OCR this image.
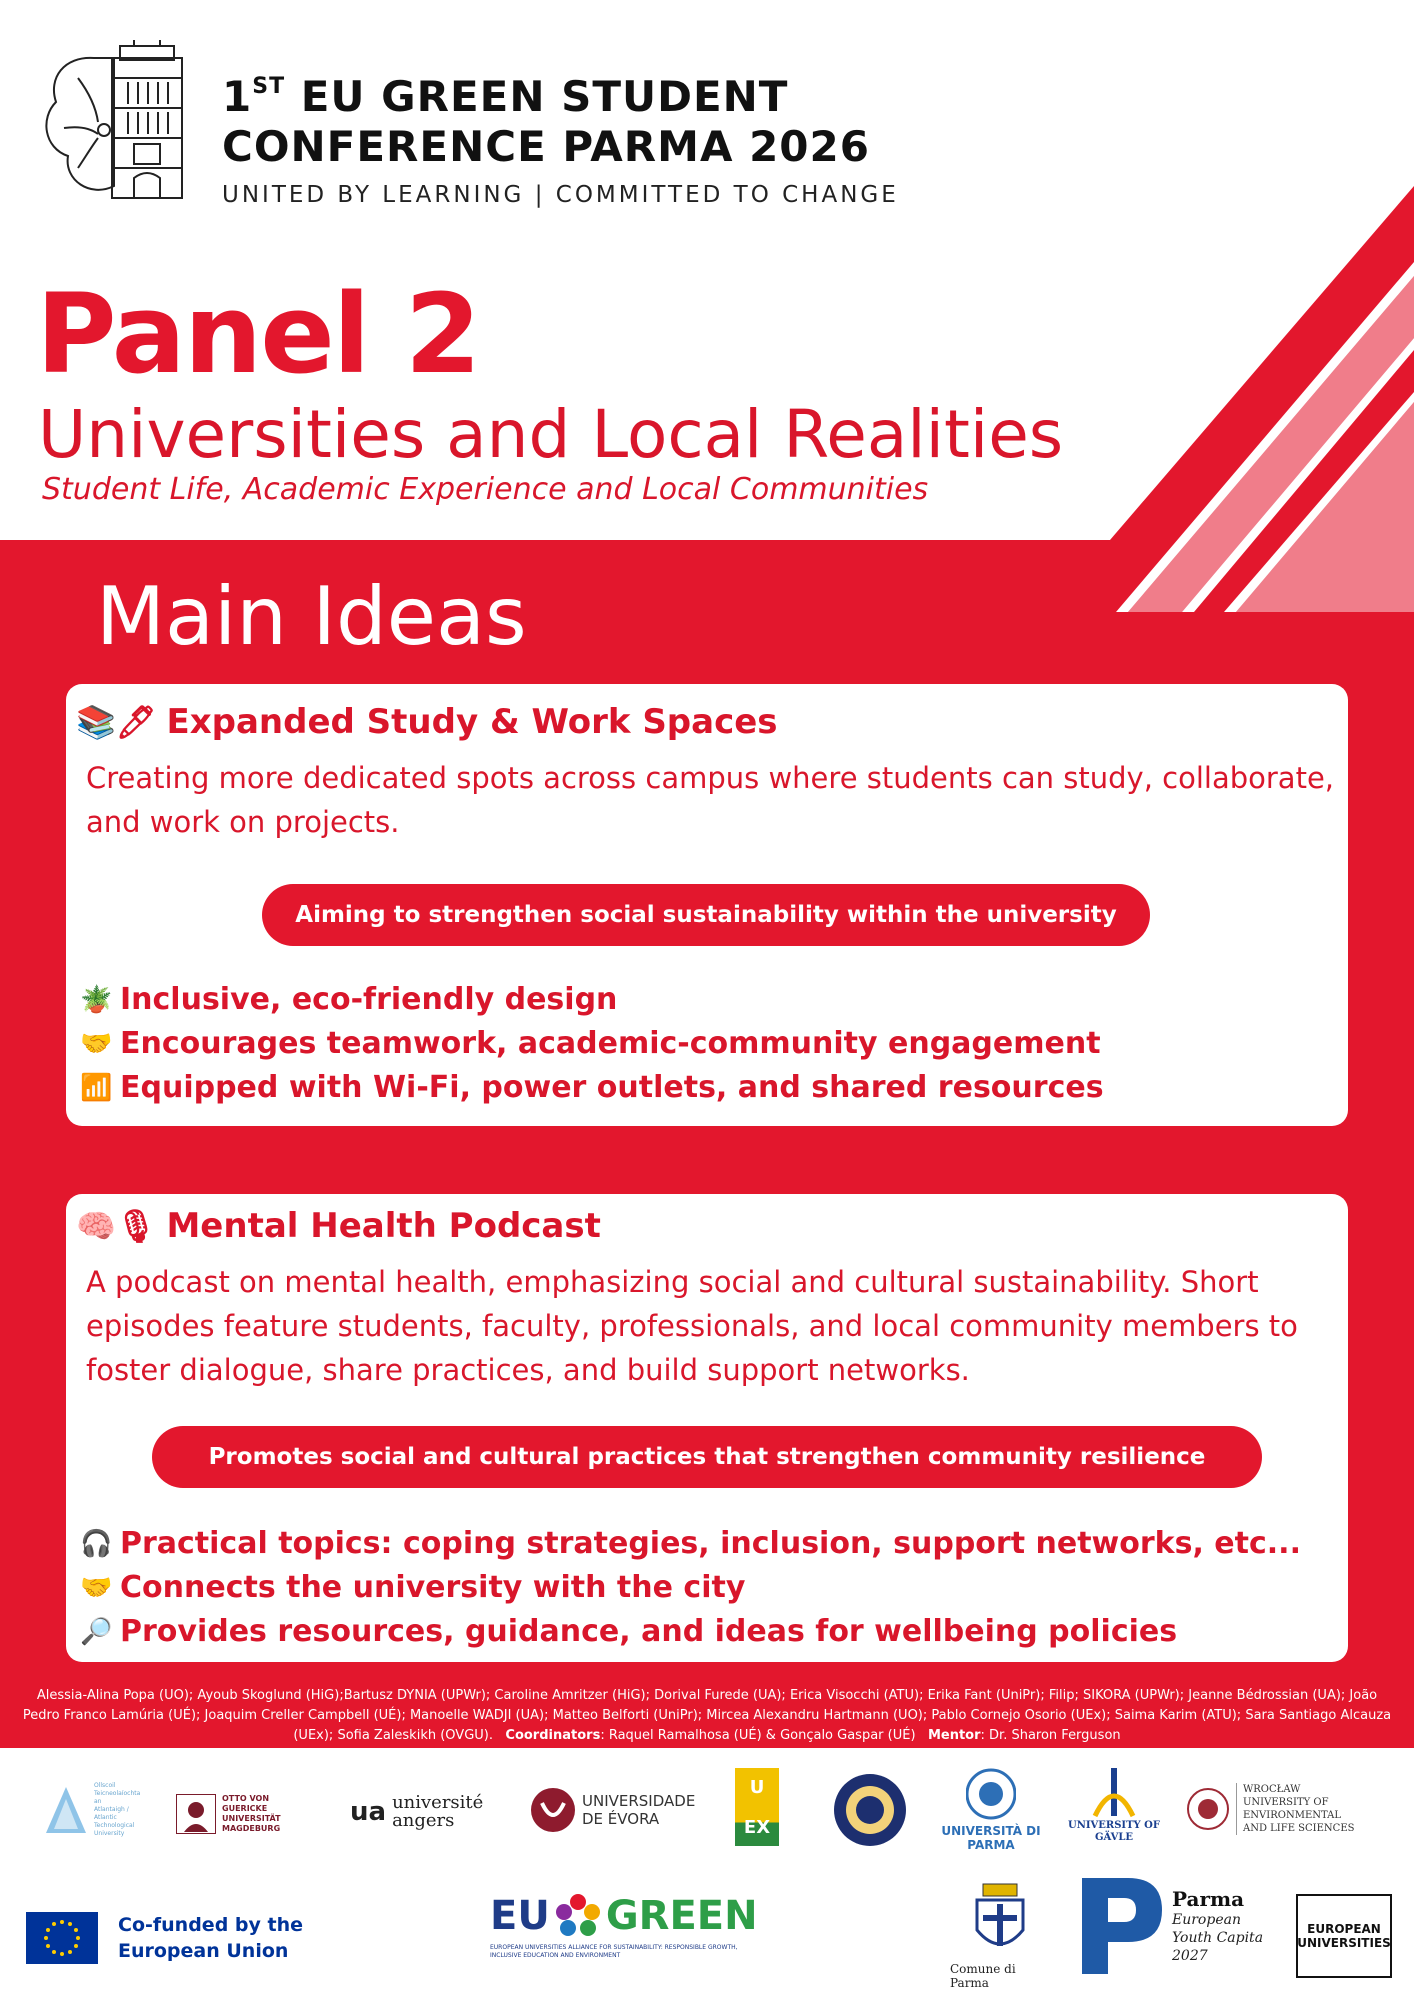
1ST EU GREEN STUDENT
CONFERENCE PARMA 2026
UNITED BY LEARNING | COMMITTED TO CHANGE
Panel 2
Universities and Local Realities
Student Life, Academic Experience and Local Communities
Main Ideas
📚🖊 Expanded Study & Work Spaces
Creating more dedicated spots across campus where students can study, collaborate, and work on projects.
Aiming to strengthen social sustainability within the university
🪴 Inclusive, eco-friendly design
🤝 Encourages teamwork, academic-community engagement
📶 Equipped with Wi-Fi, power outlets, and shared resources
🧠🎙 Mental Health Podcast
A podcast on mental health, emphasizing social and cultural sustainability. Short episodes feature students, faculty, professionals, and local community members to foster dialogue, share practices, and build support networks.
Promotes social and cultural practices that strengthen community resilience
🎧 Practical topics: coping strategies, inclusion, support networks, etc...
🤝 Connects the university with the city
🔎 Provides resources, guidance, and ideas for wellbeing policies
Alessia-Alina Popa (UO); Ayoub Skoglund (HiG);Bartusz DYNIA (UPWr); Caroline Amritzer (HiG); Dorival Furede (UA); Erica Visocchi (ATU); Erika Fant (UniPr); Filip; SIKORA (UPWr); Jeanne Bédrossian (UA); João Pedro Franco Lamúria (UÉ); Joaquim Creller Campbell (UÉ); Manoelle WADJI (UA); Matteo Belforti (UniPr); Mircea Alexandru Hartmann (UO); Pablo Cornejo Osorio (UEx); Saima Karim (ATU); Sara Santiago Alcauza (UEx); Sofia Zaleskikh (OVGU). Coordinators: Raquel Ramalhosa (UÉ) & Gonçalo Gaspar (UÉ) Mentor: Dr. Sharon Ferguson
Ollscoil Teicneolaíochta an Atlantaigh / Atlantic Technological University
OTTO VON GUERICKE UNIVERSITÄT MAGDEBURG
ua université angers
UNIVERSIDADE DE ÉVORA
U EX	UNIVERSITÀ DI PARMA
UNIVERSITY OF GÄVLE
WROCŁAW UNIVERSITY OF ENVIRONMENTAL AND LIFE SCIENCES
Co-funded by the European Union
EU GREEN
EUROPEAN UNIVERSITIES ALLIANCE FOR SUSTAINABILITY: RESPONSIBLE GROWTH, INCLUSIVE EDUCATION AND ENVIRONMENT
Comune di Parma
Parma
European Youth Capita 2027
EUROPEAN UNIVERSITIES
